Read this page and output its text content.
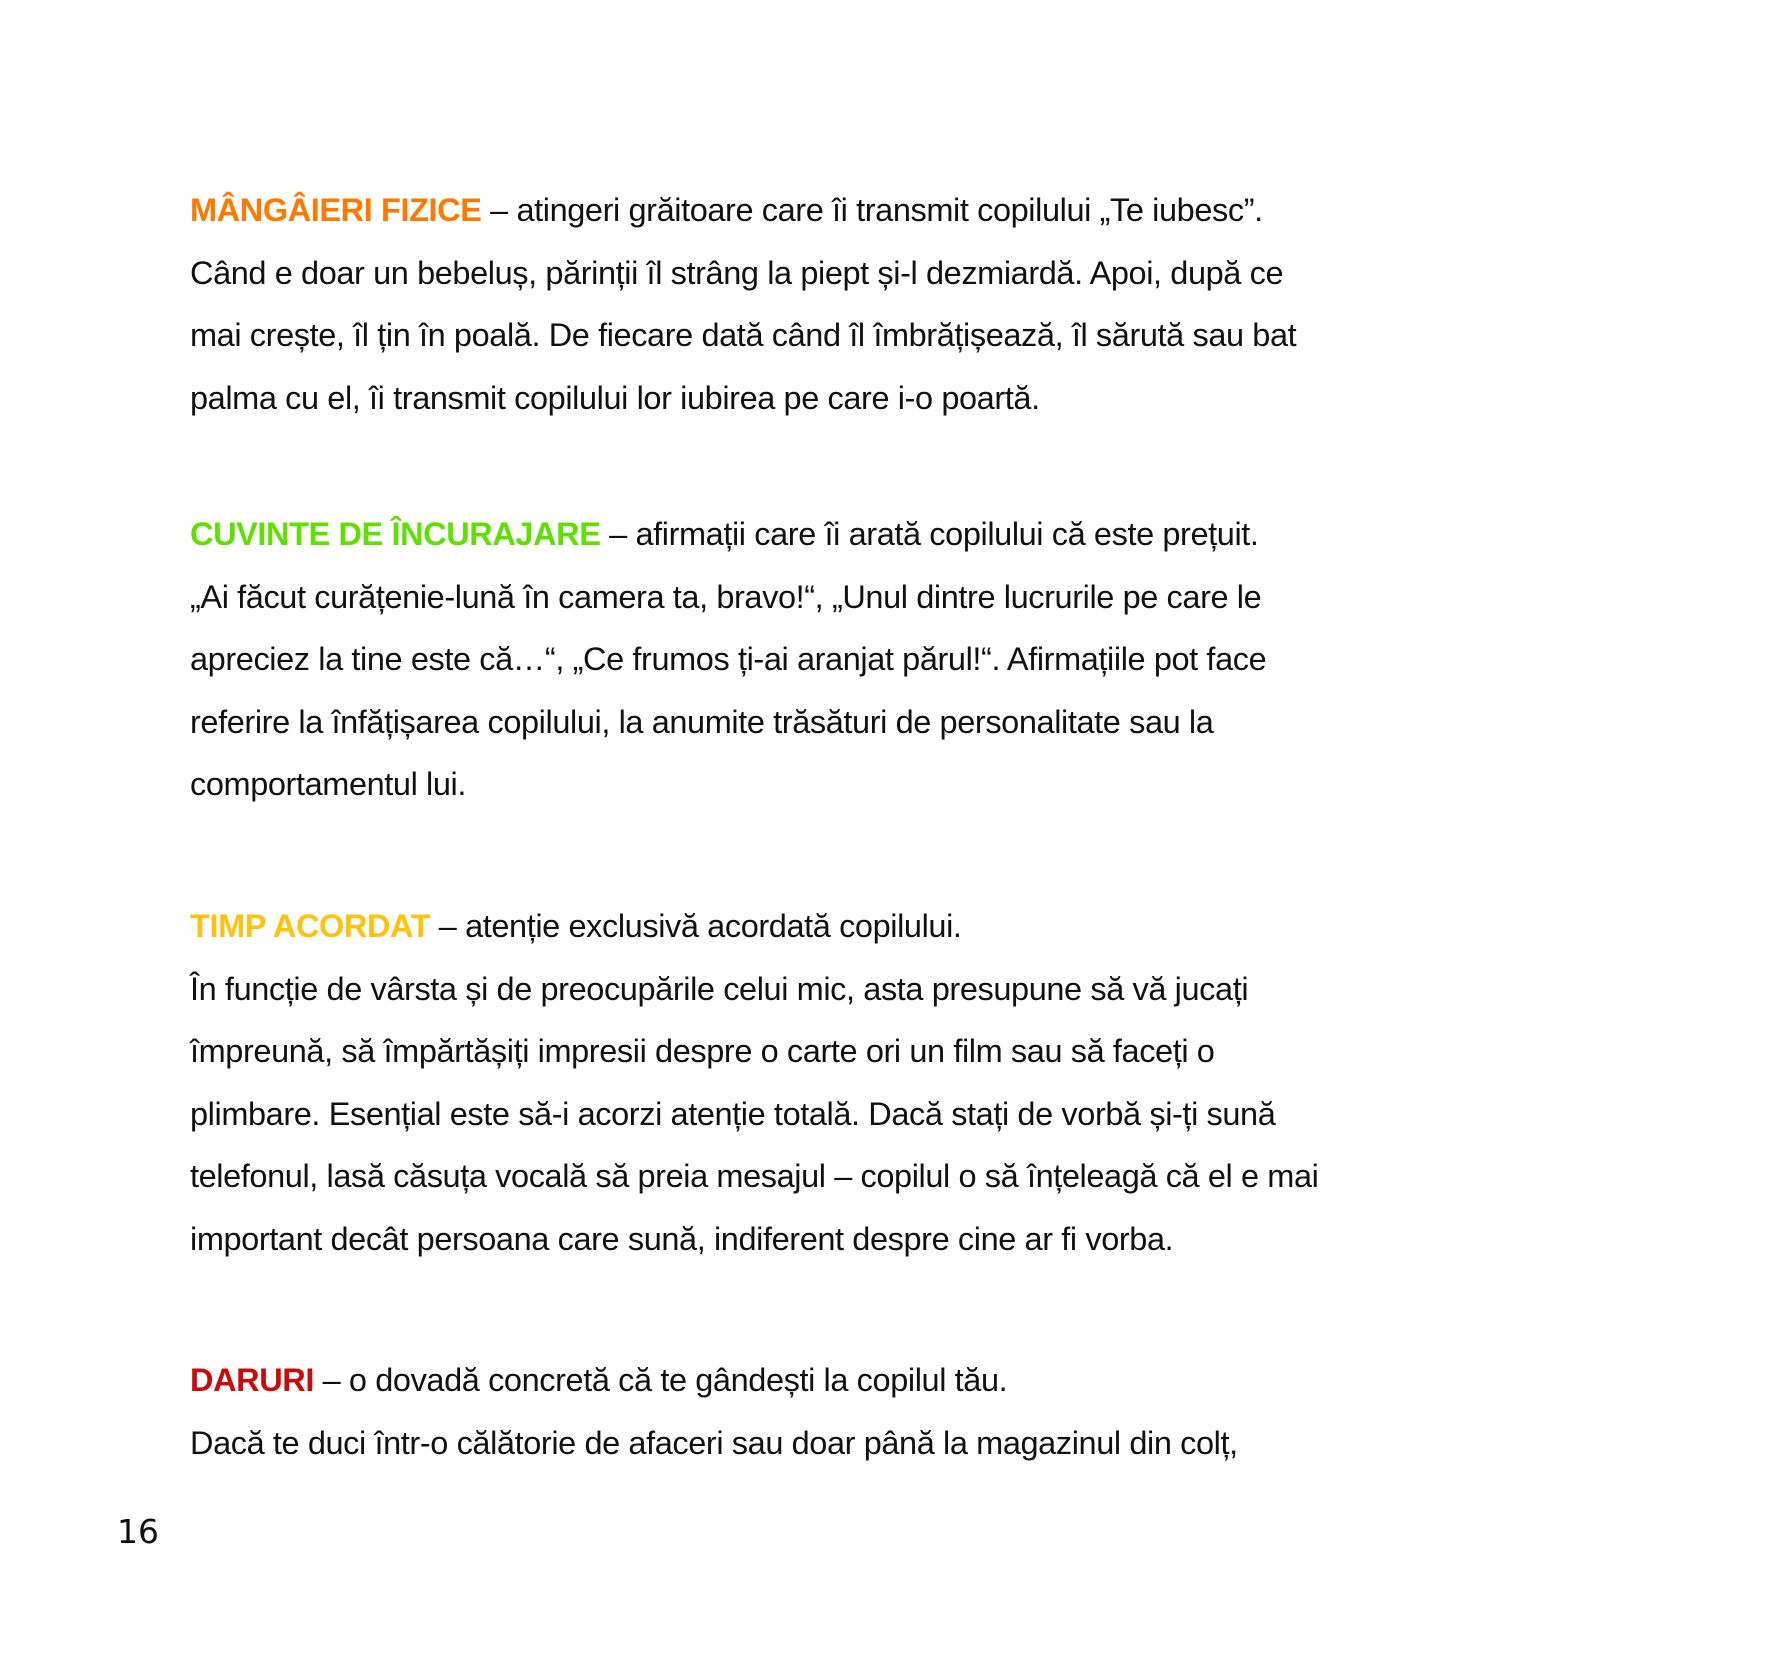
MÂNGÂIERI FIZICE – atingeri grăitoare care îi transmit copilului „Te iubesc”.
Când e doar un bebeluș, părinții îl strâng la piept și-l dezmiardă. Apoi, după ce
mai crește, îl țin în poală. De fiecare dată când îl îmbrățișează, îl sărută sau bat
palma cu el, îi transmit copilului lor iubirea pe care i-o poartă.
CUVINTE DE ÎNCURAJARE – afirmații care îi arată copilului că este prețuit.
„Ai făcut curățenie-lună în camera ta, bravo!“, „Unul dintre lucrurile pe care le
apreciez la tine este că…“, „Ce frumos ți-ai aranjat părul!“. Afirmațiile pot face
referire la înfățișarea copilului, la anumite trăsături de personalitate sau la
comportamentul lui.
TIMP ACORDAT – atenție exclusivă acordată copilului.
În funcție de vârsta și de preocupările celui mic, asta presupune să vă jucați
împreună, să împărtășiți impresii despre o carte ori un film sau să faceți o
plimbare. Esențial este să-i acorzi atenție totală. Dacă stați de vorbă și-ți sună
telefonul, lasă căsuța vocală să preia mesajul – copilul o să înțeleagă că el e mai
important decât persoana care sună, indiferent despre cine ar fi vorba.
DARURI – o dovadă concretă că te gândești la copilul tău.
Dacă te duci într-o călătorie de afaceri sau doar până la magazinul din colț,
16
